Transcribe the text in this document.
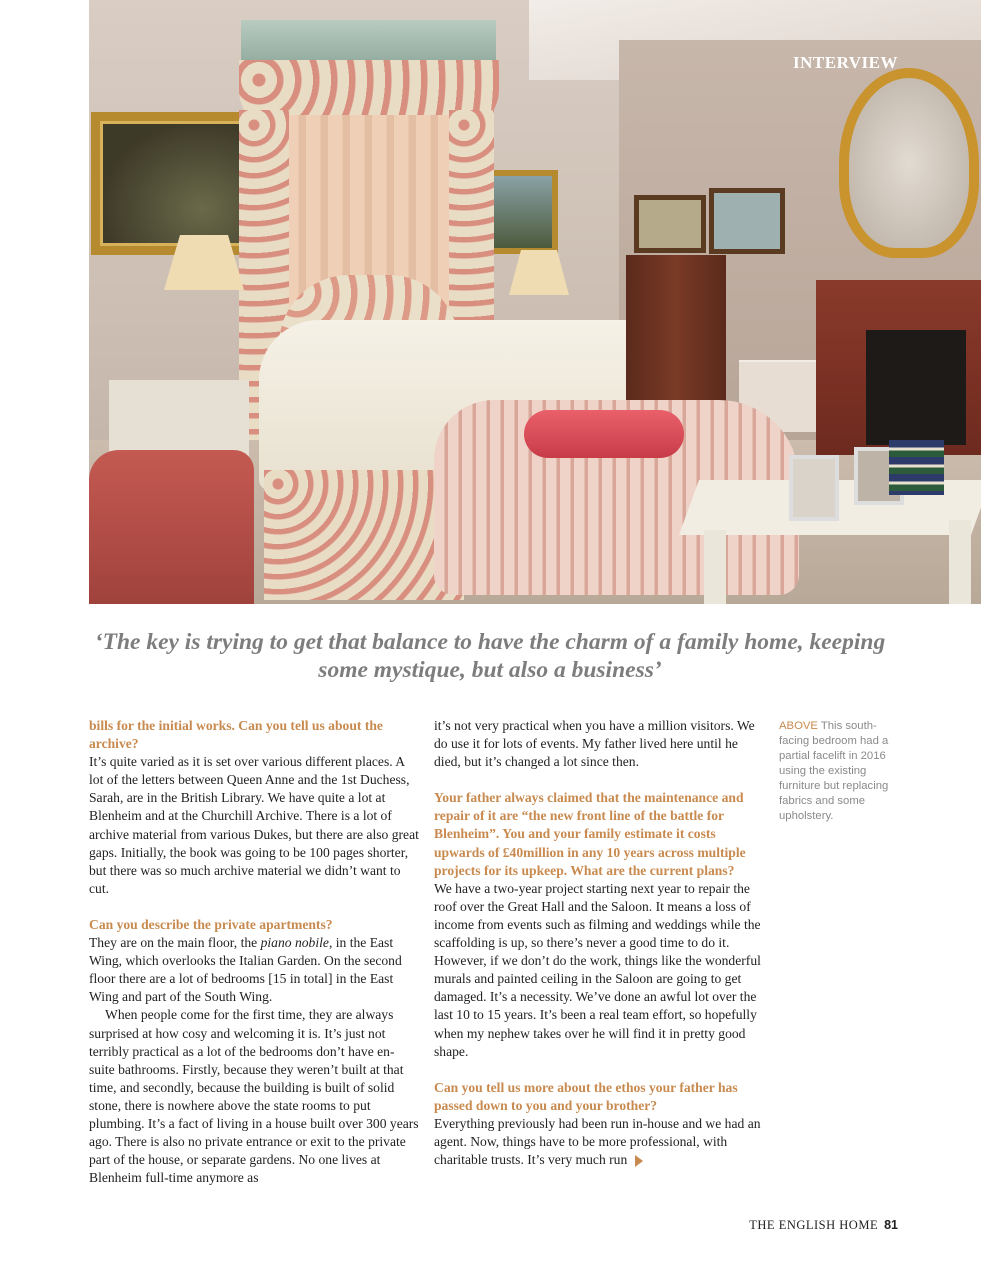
INTERVIEW
‘The key is trying to get that balance to have the charm of a family home, keeping some mystique, but also a business’

bills for the initial works. Can you tell us about the archive?

It’s quite varied as it is set over various different places. A lot of the letters between Queen Anne and the 1st Duchess, Sarah, are in the British Library. We have quite a lot at Blenheim and at the Churchill Archive. There is a lot of archive material from various Dukes, but there are also great gaps. Initially, the book was going to be 100 pages shorter, but there was so much archive material we didn’t want to cut.

Can you describe the private apartments?

They are on the main floor, the piano nobile, in the East Wing, which overlooks the Italian Garden. On the second floor there are a lot of bedrooms [15 in total] in the East Wing and part of the South Wing.

When people come for the first time, they are always surprised at how cosy and welcoming it is. It’s just not terribly practical as a lot of the bedrooms don’t have en-suite bathrooms. Firstly, because they weren’t built at that time, and secondly, because the building is built of solid stone, there is nowhere above the state rooms to put plumbing. It’s a fact of living in a house built over 300 years ago. There is also no private entrance or exit to the private part of the house, or separate gardens. No one lives at Blenheim full-time anymore as

it’s not very practical when you have a million visitors. We do use it for lots of events. My father lived here until he died, but it’s changed a lot since then.

Your father always claimed that the maintenance and repair of it are “the new front line of the battle for Blenheim”. You and your family estimate it costs upwards of £40million in any 10 years across multiple projects for its upkeep. What are the current plans?

We have a two-year project starting next year to repair the roof over the Great Hall and the Saloon. It means a loss of income from events such as filming and weddings while the scaffolding is up, so there’s never a good time to do it. However, if we don’t do the work, things like the wonderful murals and painted ceiling in the Saloon are going to get damaged. It’s a necessity. We’ve done an awful lot over the last 10 to 15 years. It’s been a real team effort, so hopefully when my nephew takes over he will find it in pretty good shape.

Can you tell us more about the ethos your father has passed down to you and your brother?

Everything previously had been run in-house and we had an agent. Now, things have to be more professional, with charitable trusts. It’s very much run

ABOVE This south-facing bedroom had a partial facelift in 2016 using the existing furniture but replacing fabrics and some upholstery.
THE ENGLISH HOME 81
